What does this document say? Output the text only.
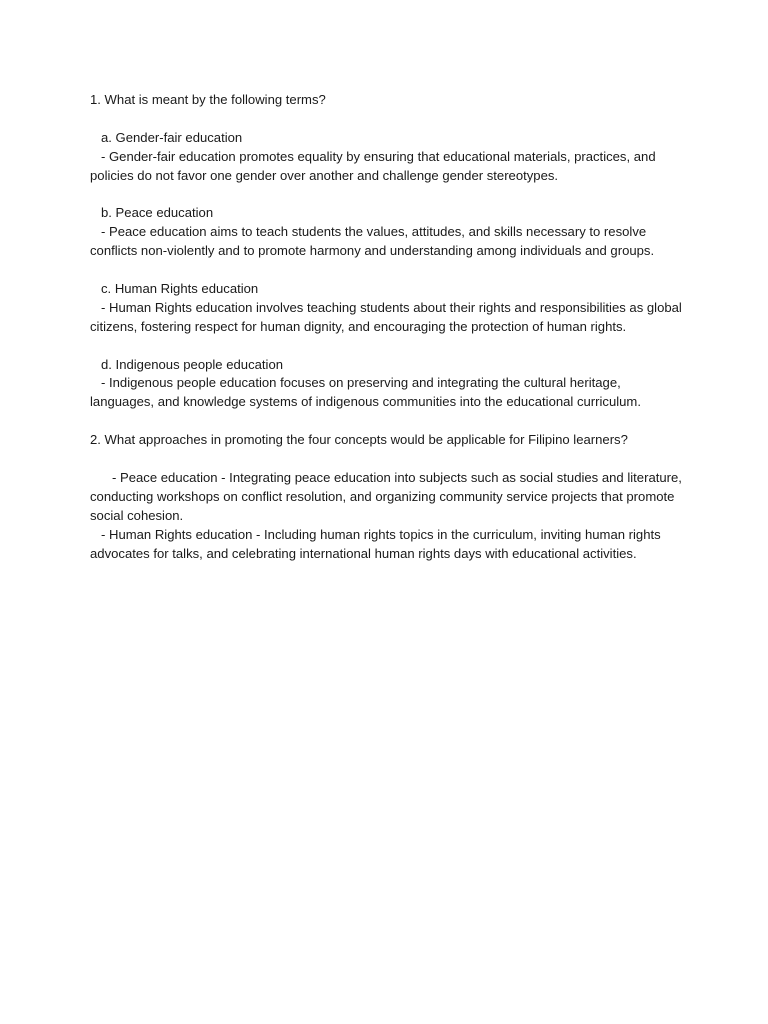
1. What is meant by the following terms?
a. Gender-fair education
- Gender-fair education promotes equality by ensuring that educational materials, practices, and policies do not favor one gender over another and challenge gender stereotypes.
b. Peace education
- Peace education aims to teach students the values, attitudes, and skills necessary to resolve conflicts non-violently and to promote harmony and understanding among individuals and groups.
c. Human Rights education
- Human Rights education involves teaching students about their rights and responsibilities as global citizens, fostering respect for human dignity, and encouraging the protection of human rights.
d. Indigenous people education
- Indigenous people education focuses on preserving and integrating the cultural heritage, languages, and knowledge systems of indigenous communities into the educational curriculum.
2. What approaches in promoting the four concepts would be applicable for Filipino learners?
- Peace education - Integrating peace education into subjects such as social studies and literature, conducting workshops on conflict resolution, and organizing community service projects that promote social cohesion.
- Human Rights education - Including human rights topics in the curriculum, inviting human rights advocates for talks, and celebrating international human rights days with educational activities.
